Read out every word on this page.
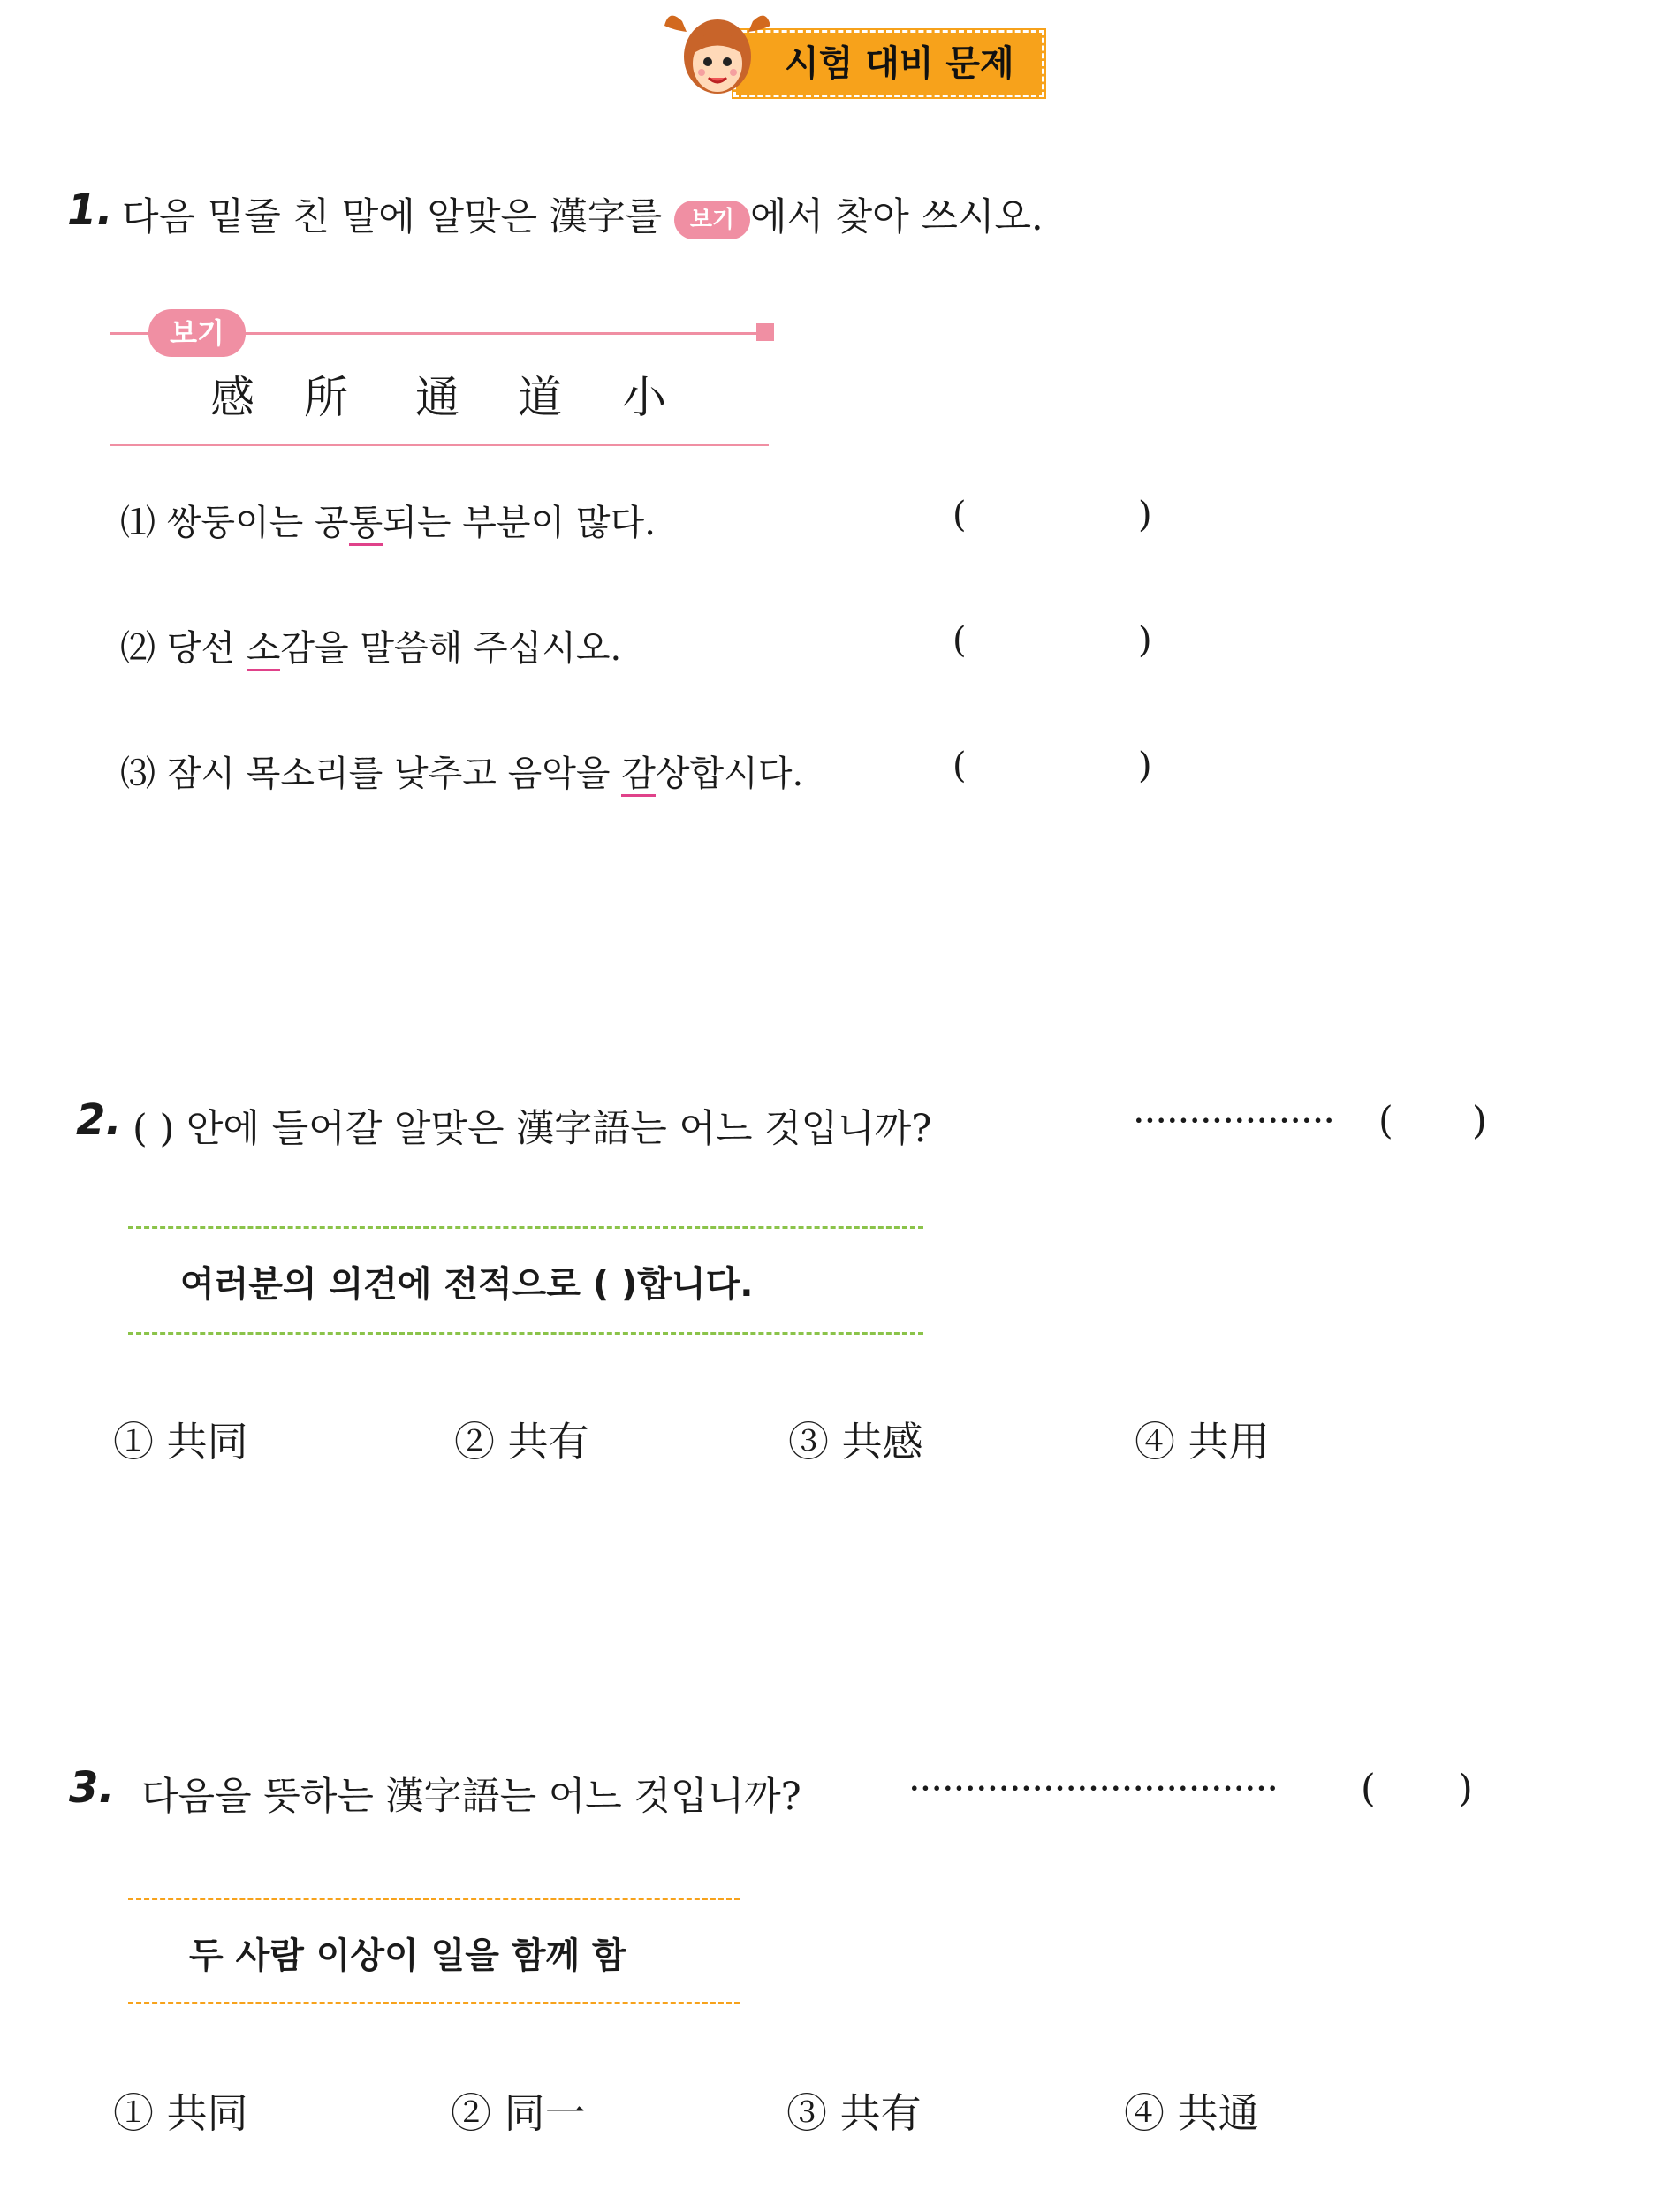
시험 대비 문제
1. 다음 밑줄 친 말에 알맞은 漢字를 보기 에서 찾아 쓰시오.
보기
感 所 通 道 小
⑴ 쌍둥이는 공통되는 부분이 많다.	(	)
⑵ 당선 소감을 말씀해 주십시오.	(	)
⑶ 잠시 목소리를 낮추고 음악을 감상합시다.	(	)
2. ( ) 안에 들어갈 알맞은 漢字語는 어느 것입니까?	·················· ( )
여러분의 의견에 전적으로 ( )합니다.
① 共同	② 共有	③ 共感	④ 共用
3. 다음을 뜻하는 漢字語는 어느 것입니까?	································· ( )
두 사람 이상이 일을 함께 함
① 共同	② 同一	③ 共有	④ 共通
